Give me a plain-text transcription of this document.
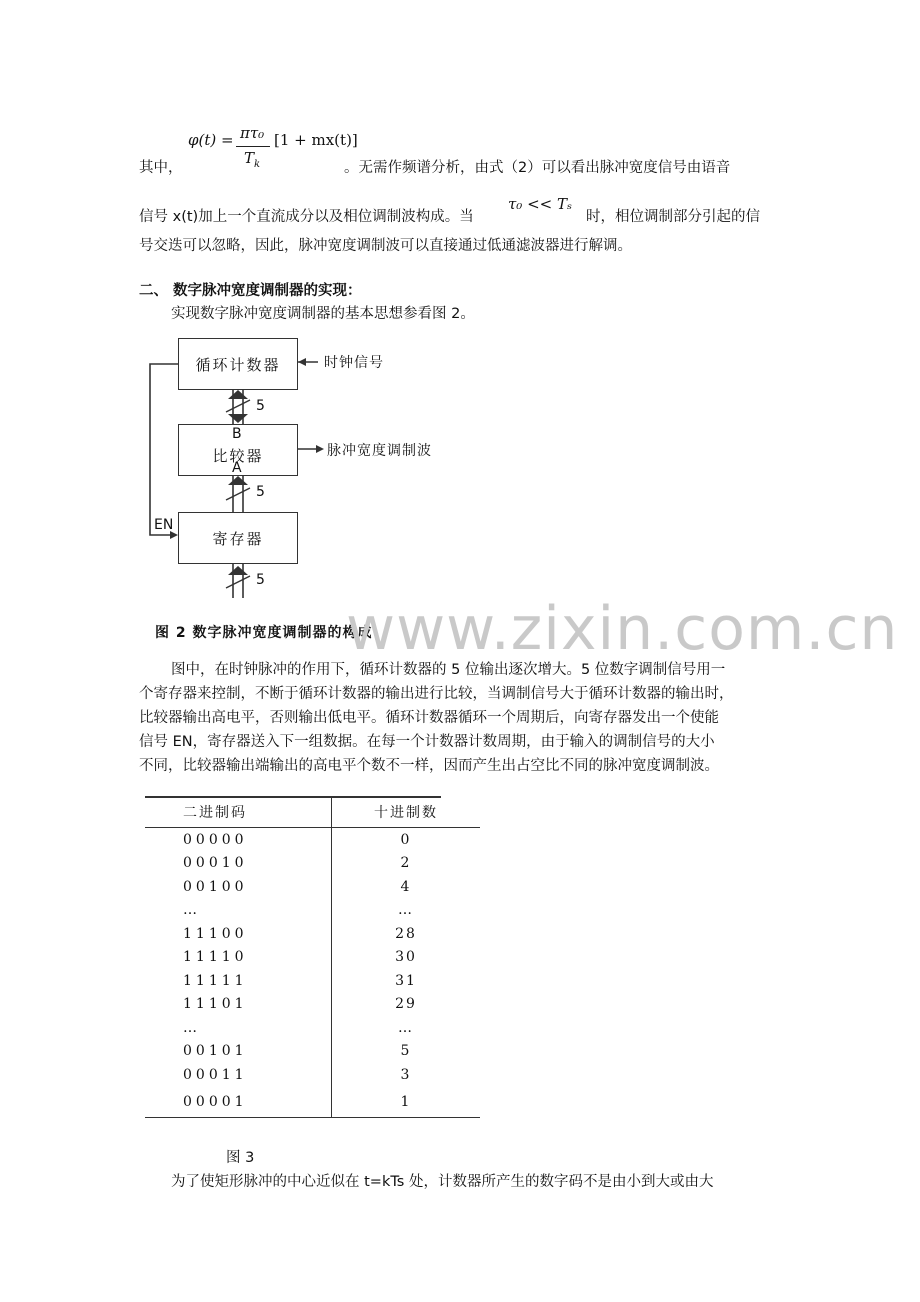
φ(t) = πτ₀
$T_k$
[1 + mx(t)]
其中，	。无需作频谱分析，由式（2）可以看出脉冲宽度信号由语音
信号 x(t)加上一个直流成分以及相位调制波构成。当
τ₀ << Tₛ
时，相位调制部分引起的信
号交迭可以忽略，因此，脉冲宽度调制波可以直接通过低通滤波器进行解调。
二、 数字脉冲宽度调制器的实现：
实现数字脉冲宽度调制器的基本思想参看图 2。
循环计数器
比较器
寄存器
B
A
时钟信号
脉冲宽度调制波
EN
5
5
5
图 2 数字脉冲宽度调制器的构成
www.zixin.com.cn
图中，在时钟脉冲的作用下，循环计数器的 5 位输出逐次增大。5 位数字调制信号用一
个寄存器来控制，不断于循环计数器的输出进行比较，当调制信号大于循环计数器的输出时，
比较器输出高电平，否则输出低电平。循环计数器循环一个周期后，向寄存器发出一个使能
信号 EN，寄存器送入下一组数据。在每一个计数器计数周期，由于输入的调制信号的大小
不同，比较器输出端输出的高电平个数不一样，因而产生出占空比不同的脉冲宽度调制波。
二进制码	十进制数
00000	0
00010	2
00100	4
…	…
11100	28
11110	30
11111	31
11101	29
…	…
00101	5
00011	3
00001	1
图 3
为了使矩形脉冲的中心近似在 t=kTs 处，计数器所产生的数字码不是由小到大或由大
